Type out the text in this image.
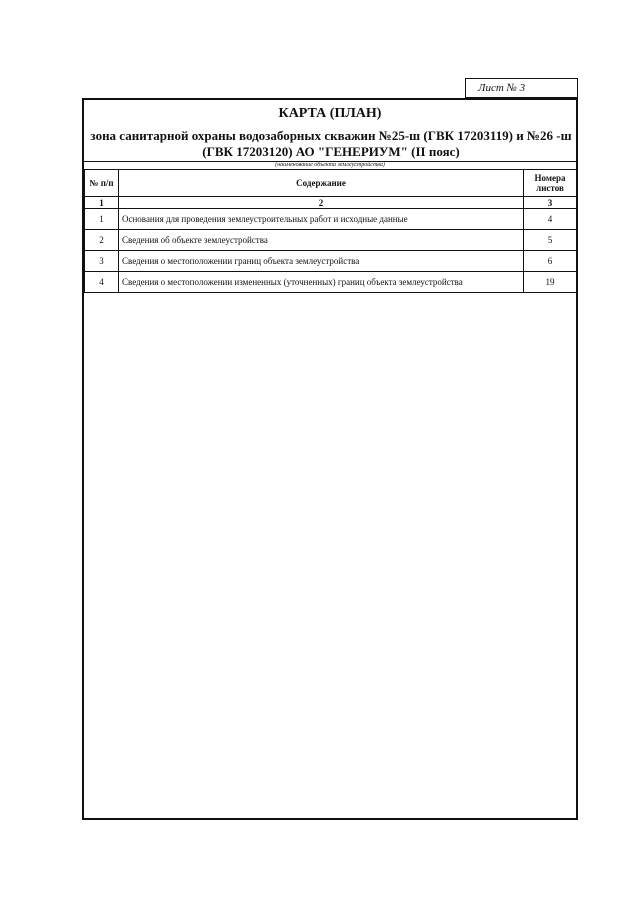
Лист № 3
КАРТА (ПЛАН)
зона санитарной охраны водозаборных скважин №25-ш (ГВК 17203119) и №26 -ш (ГВК 17203120) АО "ГЕНЕРИУМ" (II пояс)
(наименование объекта землеустройства)
№ п/п	Содержание	Номера листов
1	2	3
1	Основания для проведения землеустроительных работ и исходные данные	4
2	Сведения об объекте землеустройства	5
3	Сведения о местоположении границ объекта землеустройства	6
4	Сведения о местоположении измененных (уточненных) границ объекта землеустройства	19
